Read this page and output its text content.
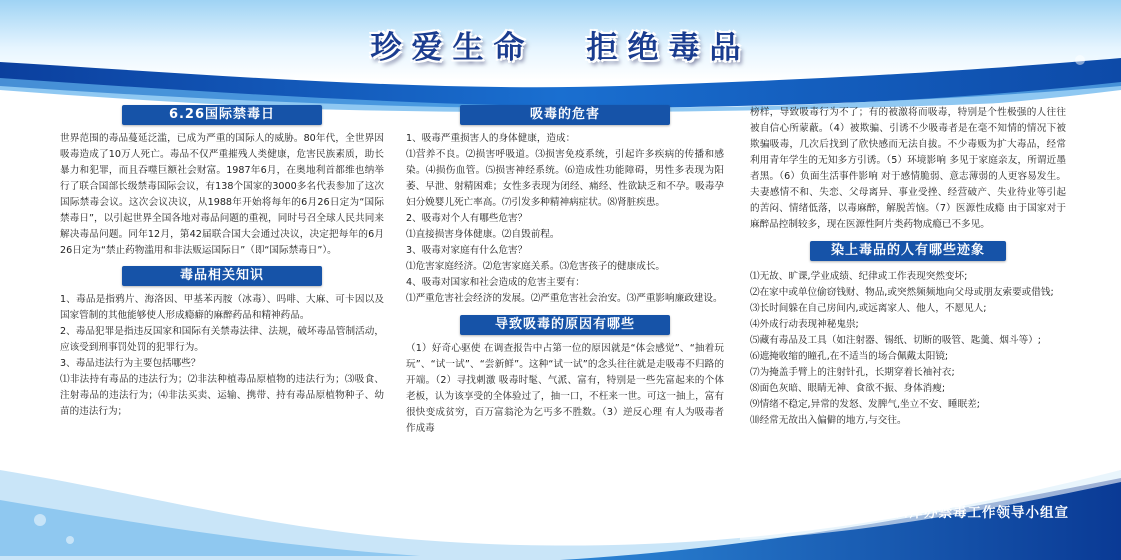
珍爱生命 拒绝毒品
6.26国际禁毒日

世界范围的毒品蔓延泛滥，已成为严重的国际人的威胁。80年代，全世界因吸毒造成了10万人死亡。毒品不仅严重摧残人类健康，危害民族素质，助长暴力和犯罪，而且吞噬巨额社会财富。1987年6月，在奥地利首都维也纳举行了联合国部长级禁毒国际会议，有138个国家的3000多名代表参加了这次国际禁毒会议。这次会议决议，从1988年开始将每年的6月26日定为“国际禁毒日”，以引起世界全国各地对毒品问题的重视，同时号召全球人民共同来解决毒品问题。同年12月，第42届联合国大会通过决议，决定把每年的6月26日定为“禁止药物滥用和非法贩运国际日”（即“国际禁毒日”）。

毒品相关知识

1、毒品是指鸦片、海洛因、甲基苯丙胺（冰毒）、吗啡、大麻、可卡因以及国家管制的其他能够使人形成瘾癖的麻醉药品和精神药品。

2、毒品犯罪是指违反国家和国际有关禁毒法律、法规，破坏毒品管制活动，应该受到刑事罚处罚的犯罪行为。

3、毒品违法行为主要包括哪些？

⑴非法持有毒品的违法行为；⑵非法种植毒品原植物的违法行为；⑶吸食、注射毒品的违法行为；⑷非法买卖、运输、携带、持有毒品原植物种子、幼苗的违法行为；

吸毒的危害

1、吸毒严重损害人的身体健康，造成：

⑴营养不良。⑵损害呼吸道。⑶损害免疫系统，引起许多疾病的传播和感染。⑷损伤血管。⑸损害神经系统。⑹造成性功能障碍，男性多表现为阳萎、早泄、射精困难；女性多表现为闭经、痛经、性欲缺乏和不孕。吸毒孕妇分娩婴儿死亡率高。⑺引发多种精神病症状。⑻肾脏疾患。

2、吸毒对个人有哪些危害？

⑴直接损害身体健康。⑵自毁前程。

3、吸毒对家庭有什么危害？

⑴危害家庭经济。⑵危害家庭关系。⑶危害孩子的健康成长。

4、吸毒对国家和社会造成的危害主要有：

⑴严重危害社会经济的发展。⑵严重危害社会治安。⑶严重影响廉政建设。

导致吸毒的原因有哪些

（1）好奇心驱使 在调查报告中占第一位的原因就是“体会感觉”、“抽着玩玩”、“试一试”、“尝新鲜”。这种“试一试”的念头往往就是走吸毒不归路的开端。（2）寻找刺激 吸毒时髦、气派、富有，特别是一些先富起来的个体老板，认为该享受的全体验过了，抽一口，不枉来一世。可这一抽上，富有很快变成贫穷，百万富翁沦为乞丐多不胜数。（3）逆反心理 有人为吸毒者作成毒

榜样，导致吸毒行为不了；有的被激将而吸毒，特别是个性极强的人往往被自信心所蒙蔽。（4）被欺骗、引诱不少吸毒者是在毫不知情的情况下被欺骗吸毒，几次后找到了欣快感而无法自拔。不少毒贩为扩大毒品，经常利用青年学生的无知多方引诱。（5）环境影响 多见于家庭亲友，所谓近墨者黑。（6）负面生活事件影响 对于感情脆弱、意志薄弱的人更容易发生。夫妻感情不和、失恋、父母离异、事业受挫、经营破产、失业待业等引起的苦闷、情绪低落，以毒麻醉，解脱苦恼。（7）医源性成瘾 由于国家对于麻醉品控制较多，现在医源性阿片类药物成瘾已不多见。

染上毒品的人有哪些迹象

⑴无故、旷课,学业成绩、纪律或工作表现突然变坏;

⑵在家中或单位偷窃钱财、物品,或突然频频地向父母或朋友索要或借钱;

⑶长时间躲在自己房间内,或远离家人、他人，不愿见人;

⑷外成行动表现神秘鬼祟;

⑸藏有毒品及工具（如注射器、锡纸、切断的吸管、匙羹、烟斗等）;

⑹遮掩收缩的瞳孔,在不适当的场合佩戴太阳镜;

⑺为掩盖手臂上的注射针孔，长期穿着长袖衬衣;

⑻面色灰暗、眼睛无神、食欲不振、身体消瘦;

⑼情绪不稳定,异常的发怒、发脾气,坐立不安、睡眠差;

⑽经常无故出入偏僻的地方,与交往。

岳阳市政府口岸办禁毒工作领导小组宣
